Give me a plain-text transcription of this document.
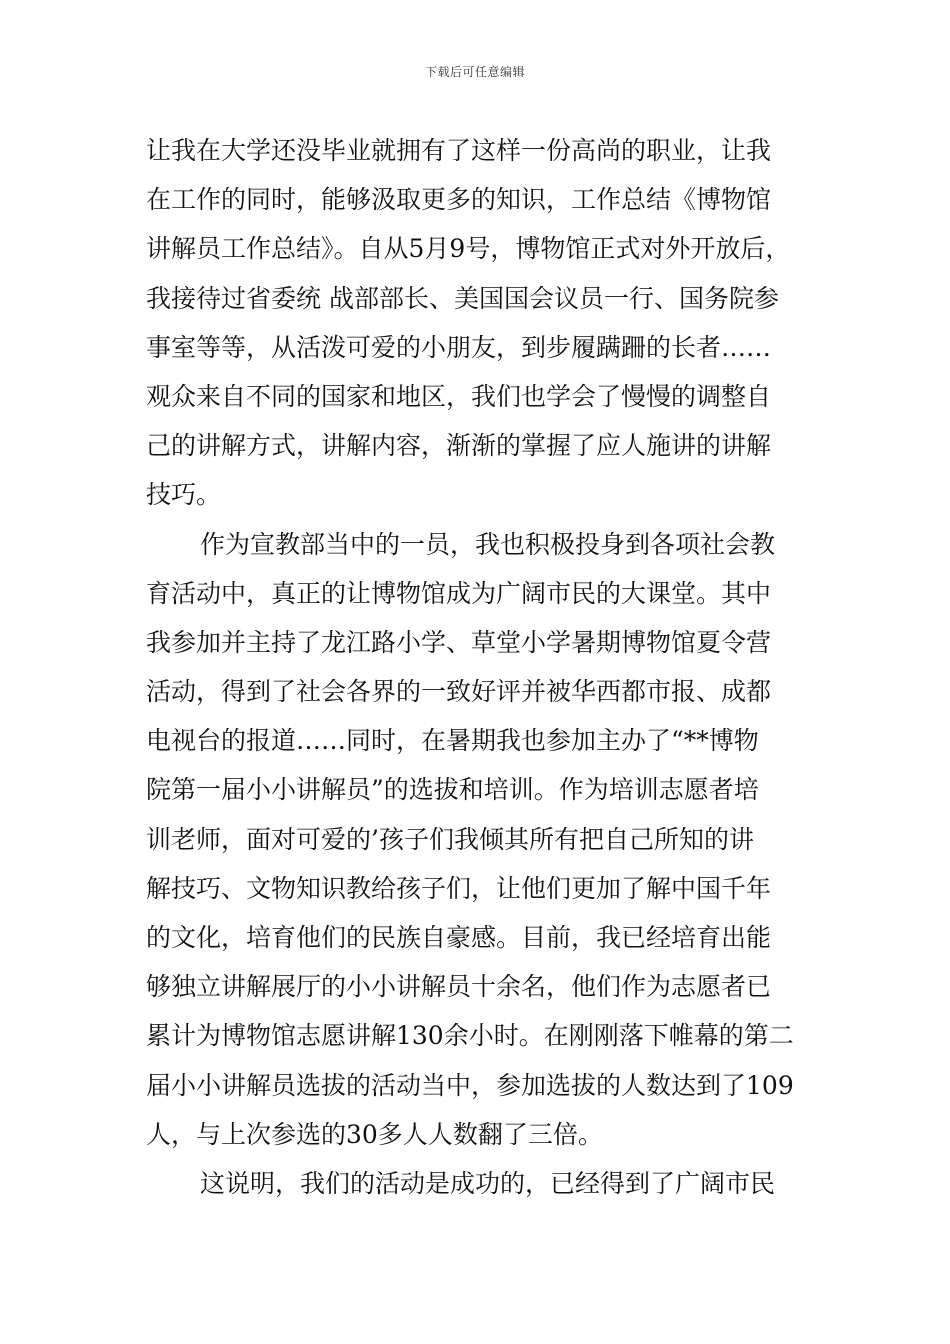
下载后可任意编辑
让我在大学还没毕业就拥有了这样一份高尚的职业，让我
在工作的同时，能够汲取更多的知识，工作总结《博物馆
讲解员工作总结》。自从5月9号，博物馆正式对外开放后，
我接待过省委统 战部部长、美国国会议员一行、国务院参
事室等等，从活泼可爱的小朋友，到步履蹒跚的长者……
观众来自不同的国家和地区，我们也学会了慢慢的调整自
己的讲解方式，讲解内容，渐渐的掌握了应人施讲的讲解
技巧。
作为宣教部当中的一员，我也积极投身到各项社会教
育活动中，真正的让博物馆成为广阔市民的大课堂。其中
我参加并主持了龙江路小学、草堂小学暑期博物馆夏令营
活动，得到了社会各界的一致好评并被华西都市报、成都
电视台的报道……同时，在暑期我也参加主办了“**博物
院第一届小小讲解员”的选拔和培训。作为培训志愿者培
训老师，面对可爱的’孩子们我倾其所有把自己所知的讲
解技巧、文物知识教给孩子们，让他们更加了解中国千年
的文化，培育他们的民族自豪感。目前，我已经培育出能
够独立讲解展厅的小小讲解员十余名，他们作为志愿者已
累计为博物馆志愿讲解130余小时。在刚刚落下帷幕的第二
届小小讲解员选拔的活动当中，参加选拔的人数达到了109
人，与上次参选的30多人人数翻了三倍。
这说明，我们的活动是成功的，已经得到了广阔市民
